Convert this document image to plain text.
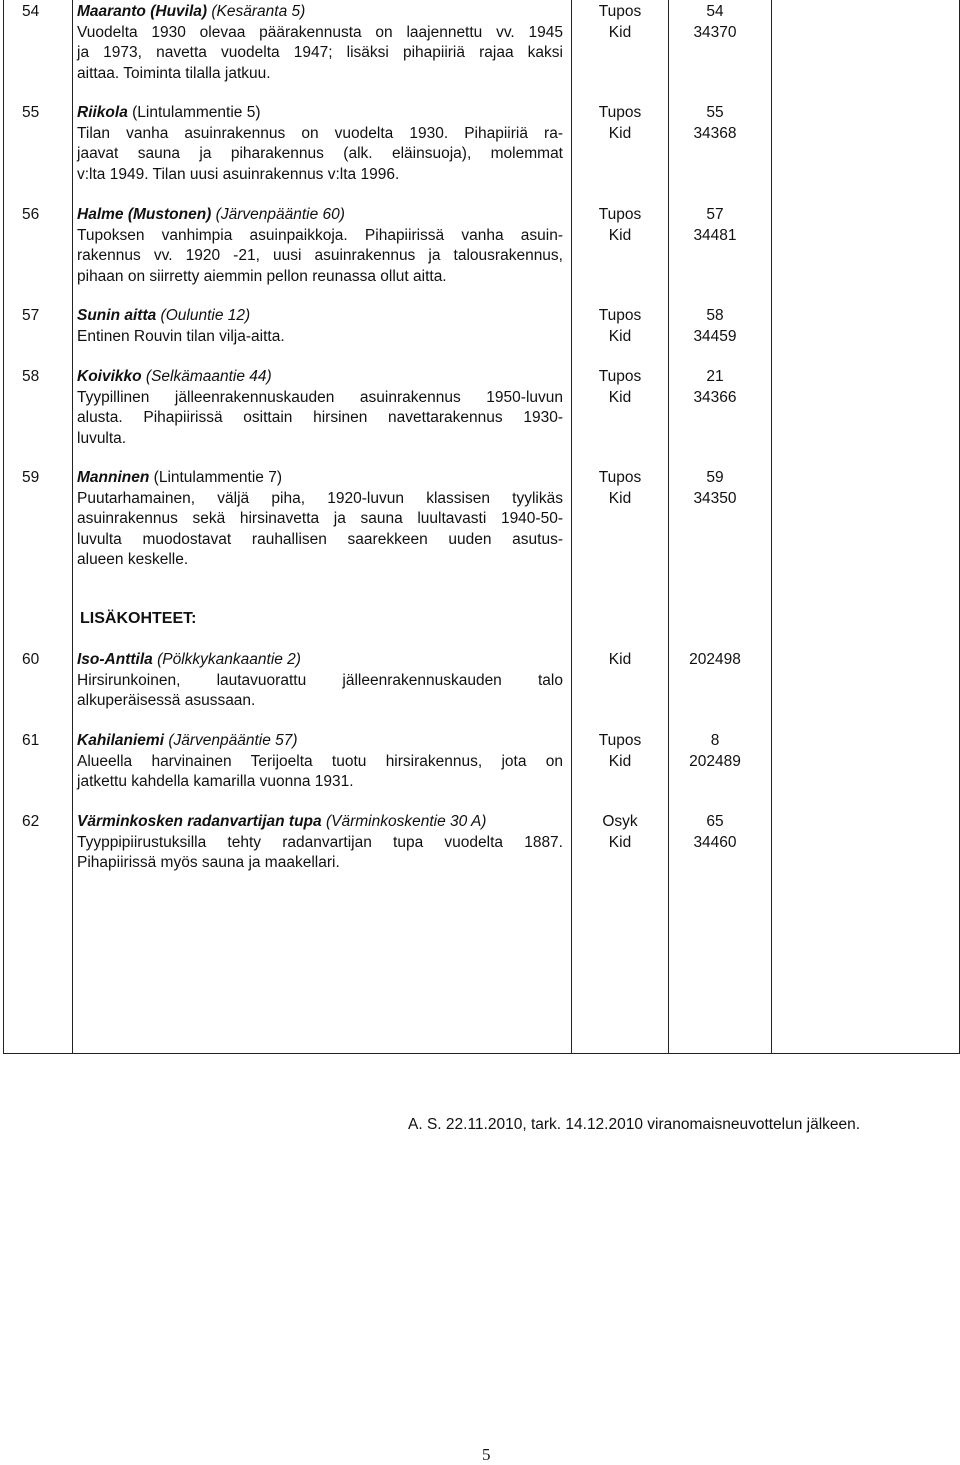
54 Maaranto (Huvila) (Kesäranta 5)
Vuodelta 1930 olevaa päärakennusta on laajennettu vv. 1945
ja 1973, navetta vuodelta 1947; lisäksi pihapiiriä rajaa kaksi
aittaa. Toiminta tilalla jatkuu.
Tupos
Kid
54
34370
55 Riikola (Lintulammentie 5)
Tilan vanha asuinrakennus on vuodelta 1930. Pihapiiriä ra-
jaavat sauna ja piharakennus (alk. eläinsuoja), molemmat
v:lta 1949. Tilan uusi asuinrakennus v:lta 1996.
Tupos
Kid
55
34368
56 Halme (Mustonen) (Järvenpääntie 60)
Tupoksen vanhimpia asuinpaikkoja. Pihapiirissä vanha asuin-
rakennus vv. 1920 -21, uusi asuinrakennus ja talousrakennus,
pihaan on siirretty aiemmin pellon reunassa ollut aitta.
Tupos
Kid
57
34481
57 Sunin aitta (Oulunti​e 12)
Entinen Rouvin tilan vilja-aitta.
Tupos
Kid
58
34459
58 Koivikko (Selkämaantie 44)
Tyypillinen jälleenrakennuskauden asuinrakennus 1950-luvun
alusta. Pihapiirissä osittain hirsinen navettarakennus 1930-
luvulta.
Tupos
Kid
21
34366
59 Manninen (Lintulammentie 7)
Puutarhamainen, väljä piha, 1920-luvun klassisen tyylikäs
asuinrakennus sekä hirsinavetta ja sauna luultavasti 1940-50-
luvulta muodostavat rauhallisen saarekkeen uuden asutus-
alueen keskelle.
Tupos
Kid
59
34350
60 Iso-Anttila (Pölkkykankaantie 2)
Hirsirunkoinen, lautavuorattu jälleenrakennuskauden talo
alkuperäisessä asussaan.
Kid	202498
61 Kahilaniemi (Järvenpääntie 57)
Alueella harvinainen Terijoelta tuotu hirsirakennus, jota on
jatkettu kahdella kamarilla vuonna 1931.
Tupos
Kid
8
202489
62 Värminkosken radanvartijan tupa (Värminkoskentie 30 A)
Tyyppipiirustuksilla tehty radanvartijan tupa vuodelta 1887.
Pihapiirissä myös sauna ja maakellari.
Osyk
Kid
65
34460
LISÄKOHTEET:
A. S. 22.11.2010, tark. 14.12.2010 viranomaisneuvottelun jälkeen.
5
